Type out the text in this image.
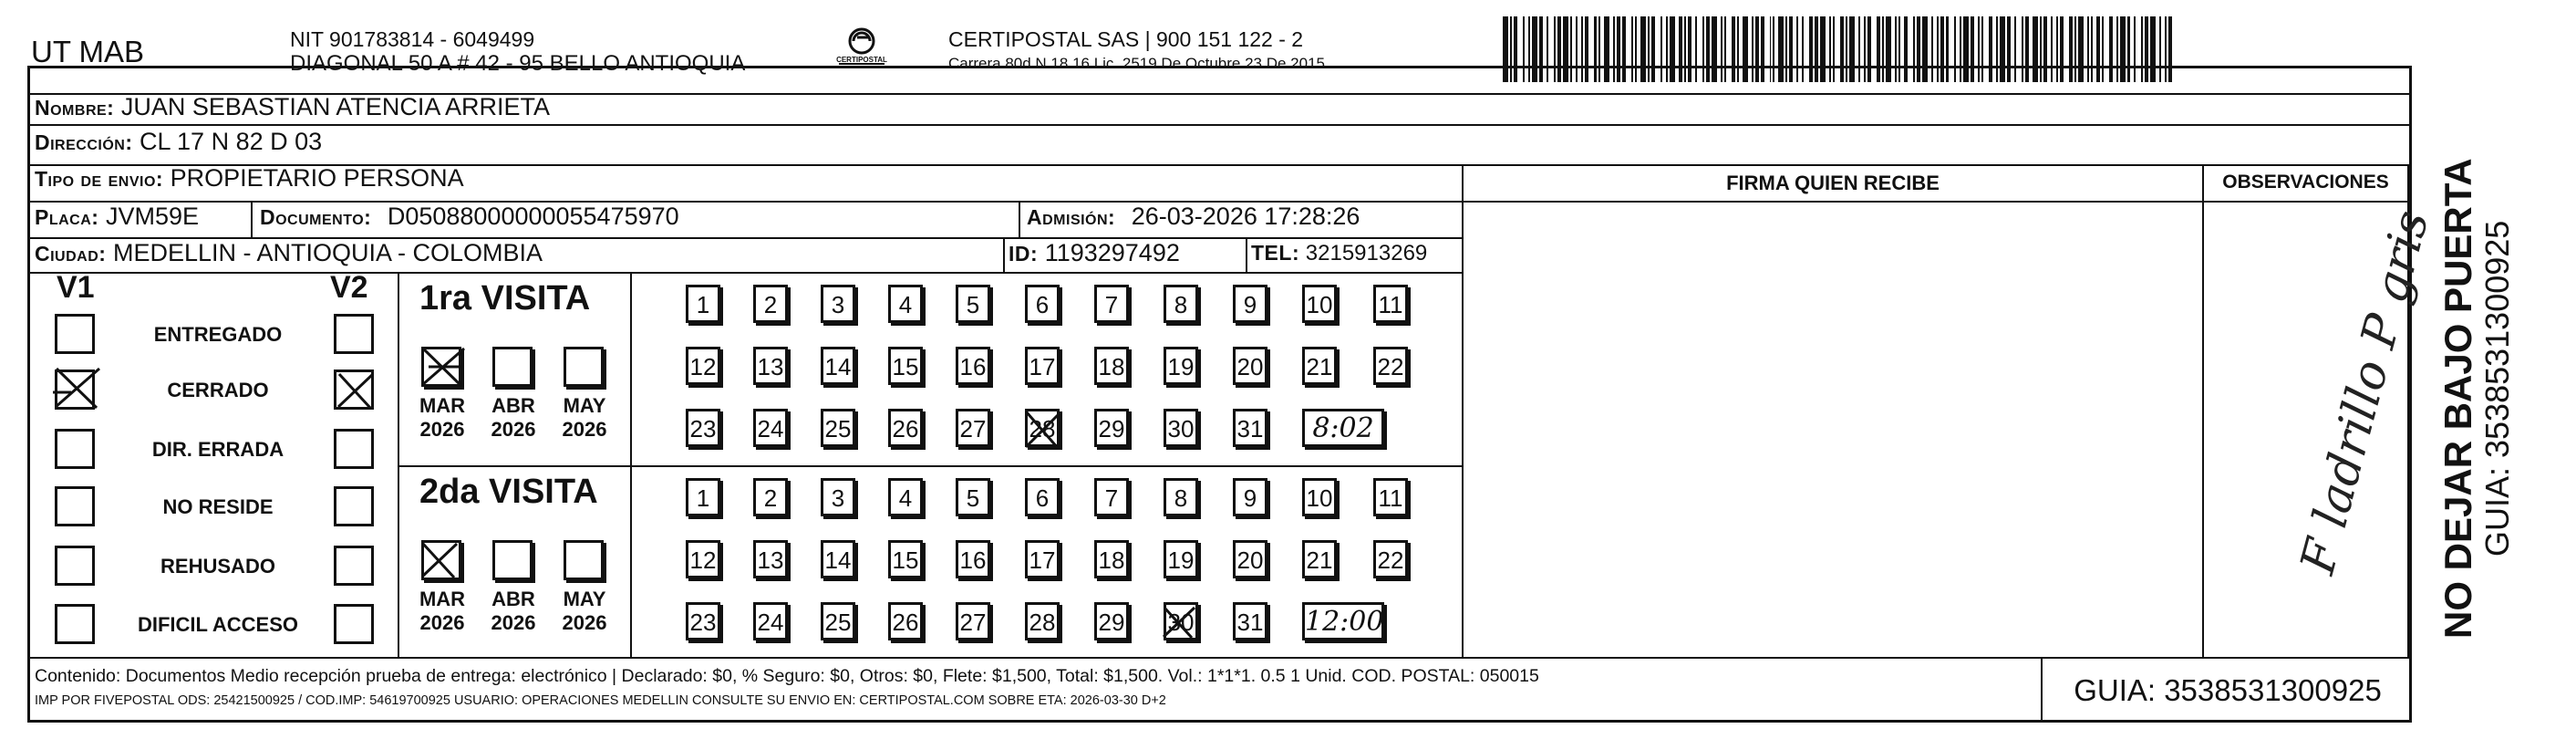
UT MAB	NIT 901783814 - 6049499
DIAGONAL 50 A # 42 - 95 BELLO ANTIOQUIA	CERTIPOSTAL
CERTIPOSTAL SAS | 900 151 122 - 2
Carrera 80d N 18 16 Lic. 2519 De Octubre 23 De 2015
Nombre: JUAN SEBASTIAN ATENCIA ARRIETA
Dirección: CL 17 N 82 D 03
Tipo de envio: PROPIETARIO PERSONA
Placa: JVM59E	Documento: D05088000000055475970	Admisión: 26-03-2026 17:28:26
Ciudad: MEDELLIN - ANTIOQUIA - COLOMBIA	ID: 1193297492	TEL: 3215913269
FIRMA QUIEN RECIBE	OBSERVACIONES
F ladrillo P gris
NO DEJAR BAJO PUERTA GUIA: 3538531300925
V1	V2
ENTREGADO
CERRADO
DIR. ERRADA
NO RESIDE
REHUSADO
DIFICIL ACCESO
1ra VISITA
MAR
2026
ABR
2026
MAY
2026
1	2	3	4	5	6	7	8	9	10 11
12 13 14 15 16 17 18 19 20 21 22
23 24 25 26 27 28 29 30 31	8:02
2da VISITA
MAR
2026
ABR
2026
MAY
2026
1	2	3	4	5	6	7	8	9	10 11
12 13 14 15 16 17 18 19 20 21 22
23 24 25 26 27 28 29 30 31 12:00
Contenido: Documentos Medio recepción prueba de entrega: electrónico | Declarado: $0, % Seguro: $0, Otros: $0, Flete: $1,500, Total: $1,500. Vol.: 1*1*1. 0.5 1 Unid. COD. POSTAL: 050015
IMP POR FIVEPOSTAL ODS: 25421500925 / COD.IMP: 54619700925 USUARIO: OPERACIONES MEDELLIN CONSULTE SU ENVIO EN: CERTIPOSTAL.COM SOBRE ETA: 2026-03-30 D+2	GUIA: 3538531300925
